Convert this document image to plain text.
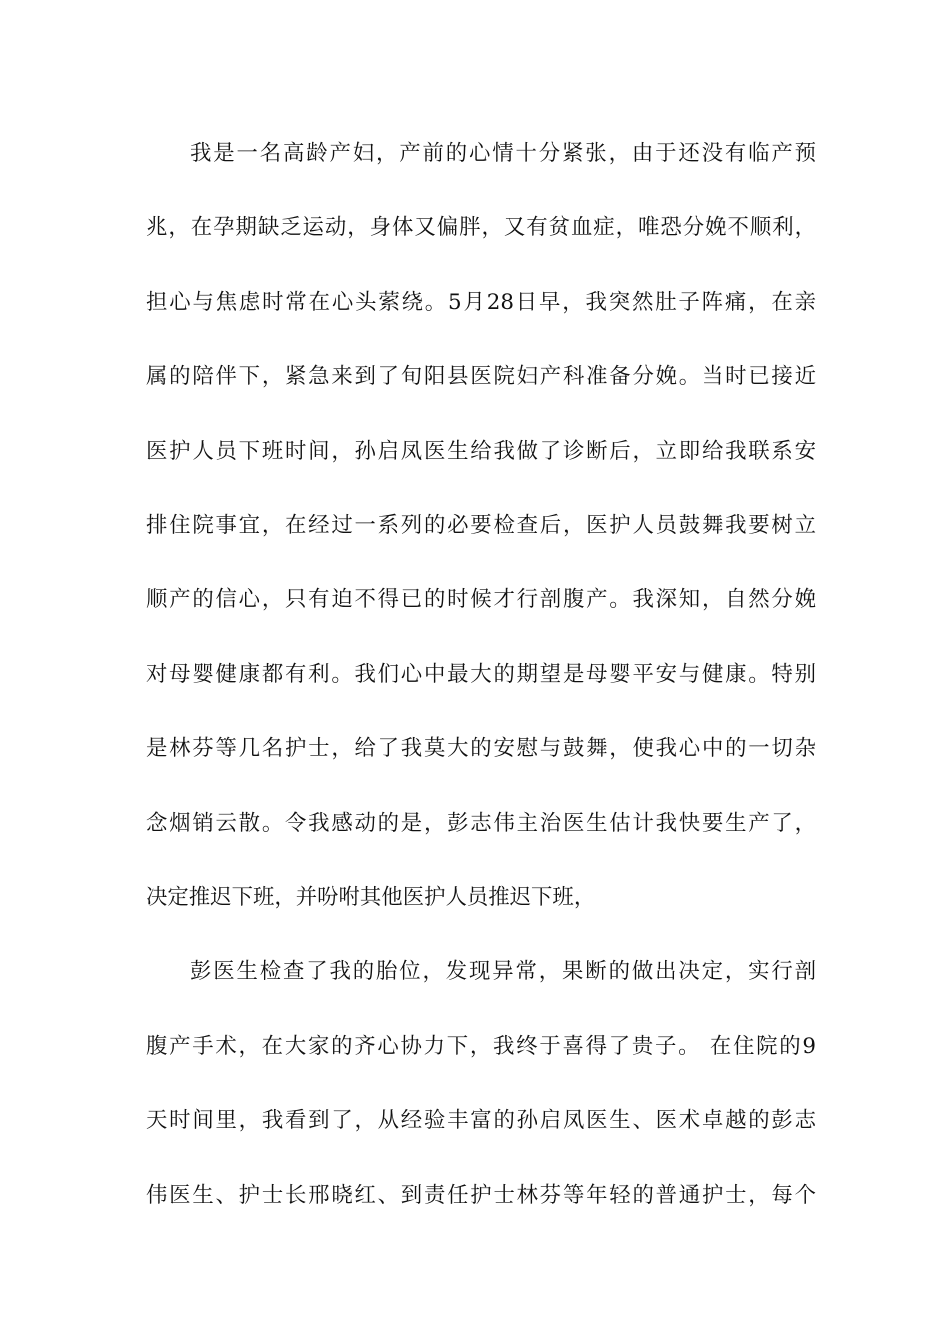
我是一名高龄产妇，产前的心情十分紧张，由于还没有临产预
兆，在孕期缺乏运动，身体又偏胖，又有贫血症，唯恐分娩不顺利，
担心与焦虑时常在心头萦绕。5月28日早，我突然肚子阵痛，在亲
属的陪伴下，紧急来到了旬阳县医院妇产科准备分娩。当时已接近
医护人员下班时间，孙启凤医生给我做了诊断后，立即给我联系安
排住院事宜，在经过一系列的必要检查后，医护人员鼓舞我要树立
顺产的信心，只有迫不得已的时候才行剖腹产。我深知，自然分娩
对母婴健康都有利。我们心中最大的期望是母婴平安与健康。特别
是林芬等几名护士，给了我莫大的安慰与鼓舞，使我心中的一切杂
念烟销云散。令我感动的是，彭志伟主治医生估计我快要生产了，
决定推迟下班，并吩咐其他医护人员推迟下班，
彭医生检查了我的胎位，发现异常，果断的做出决定，实行剖
腹产手术，在大家的齐心协力下，我终于喜得了贵子。 在住院的9
天时间里，我看到了，从经验丰富的孙启凤医生、医术卓越的彭志
伟医生、护士长邢晓红、到责任护士林芬等年轻的普通护士，每个
